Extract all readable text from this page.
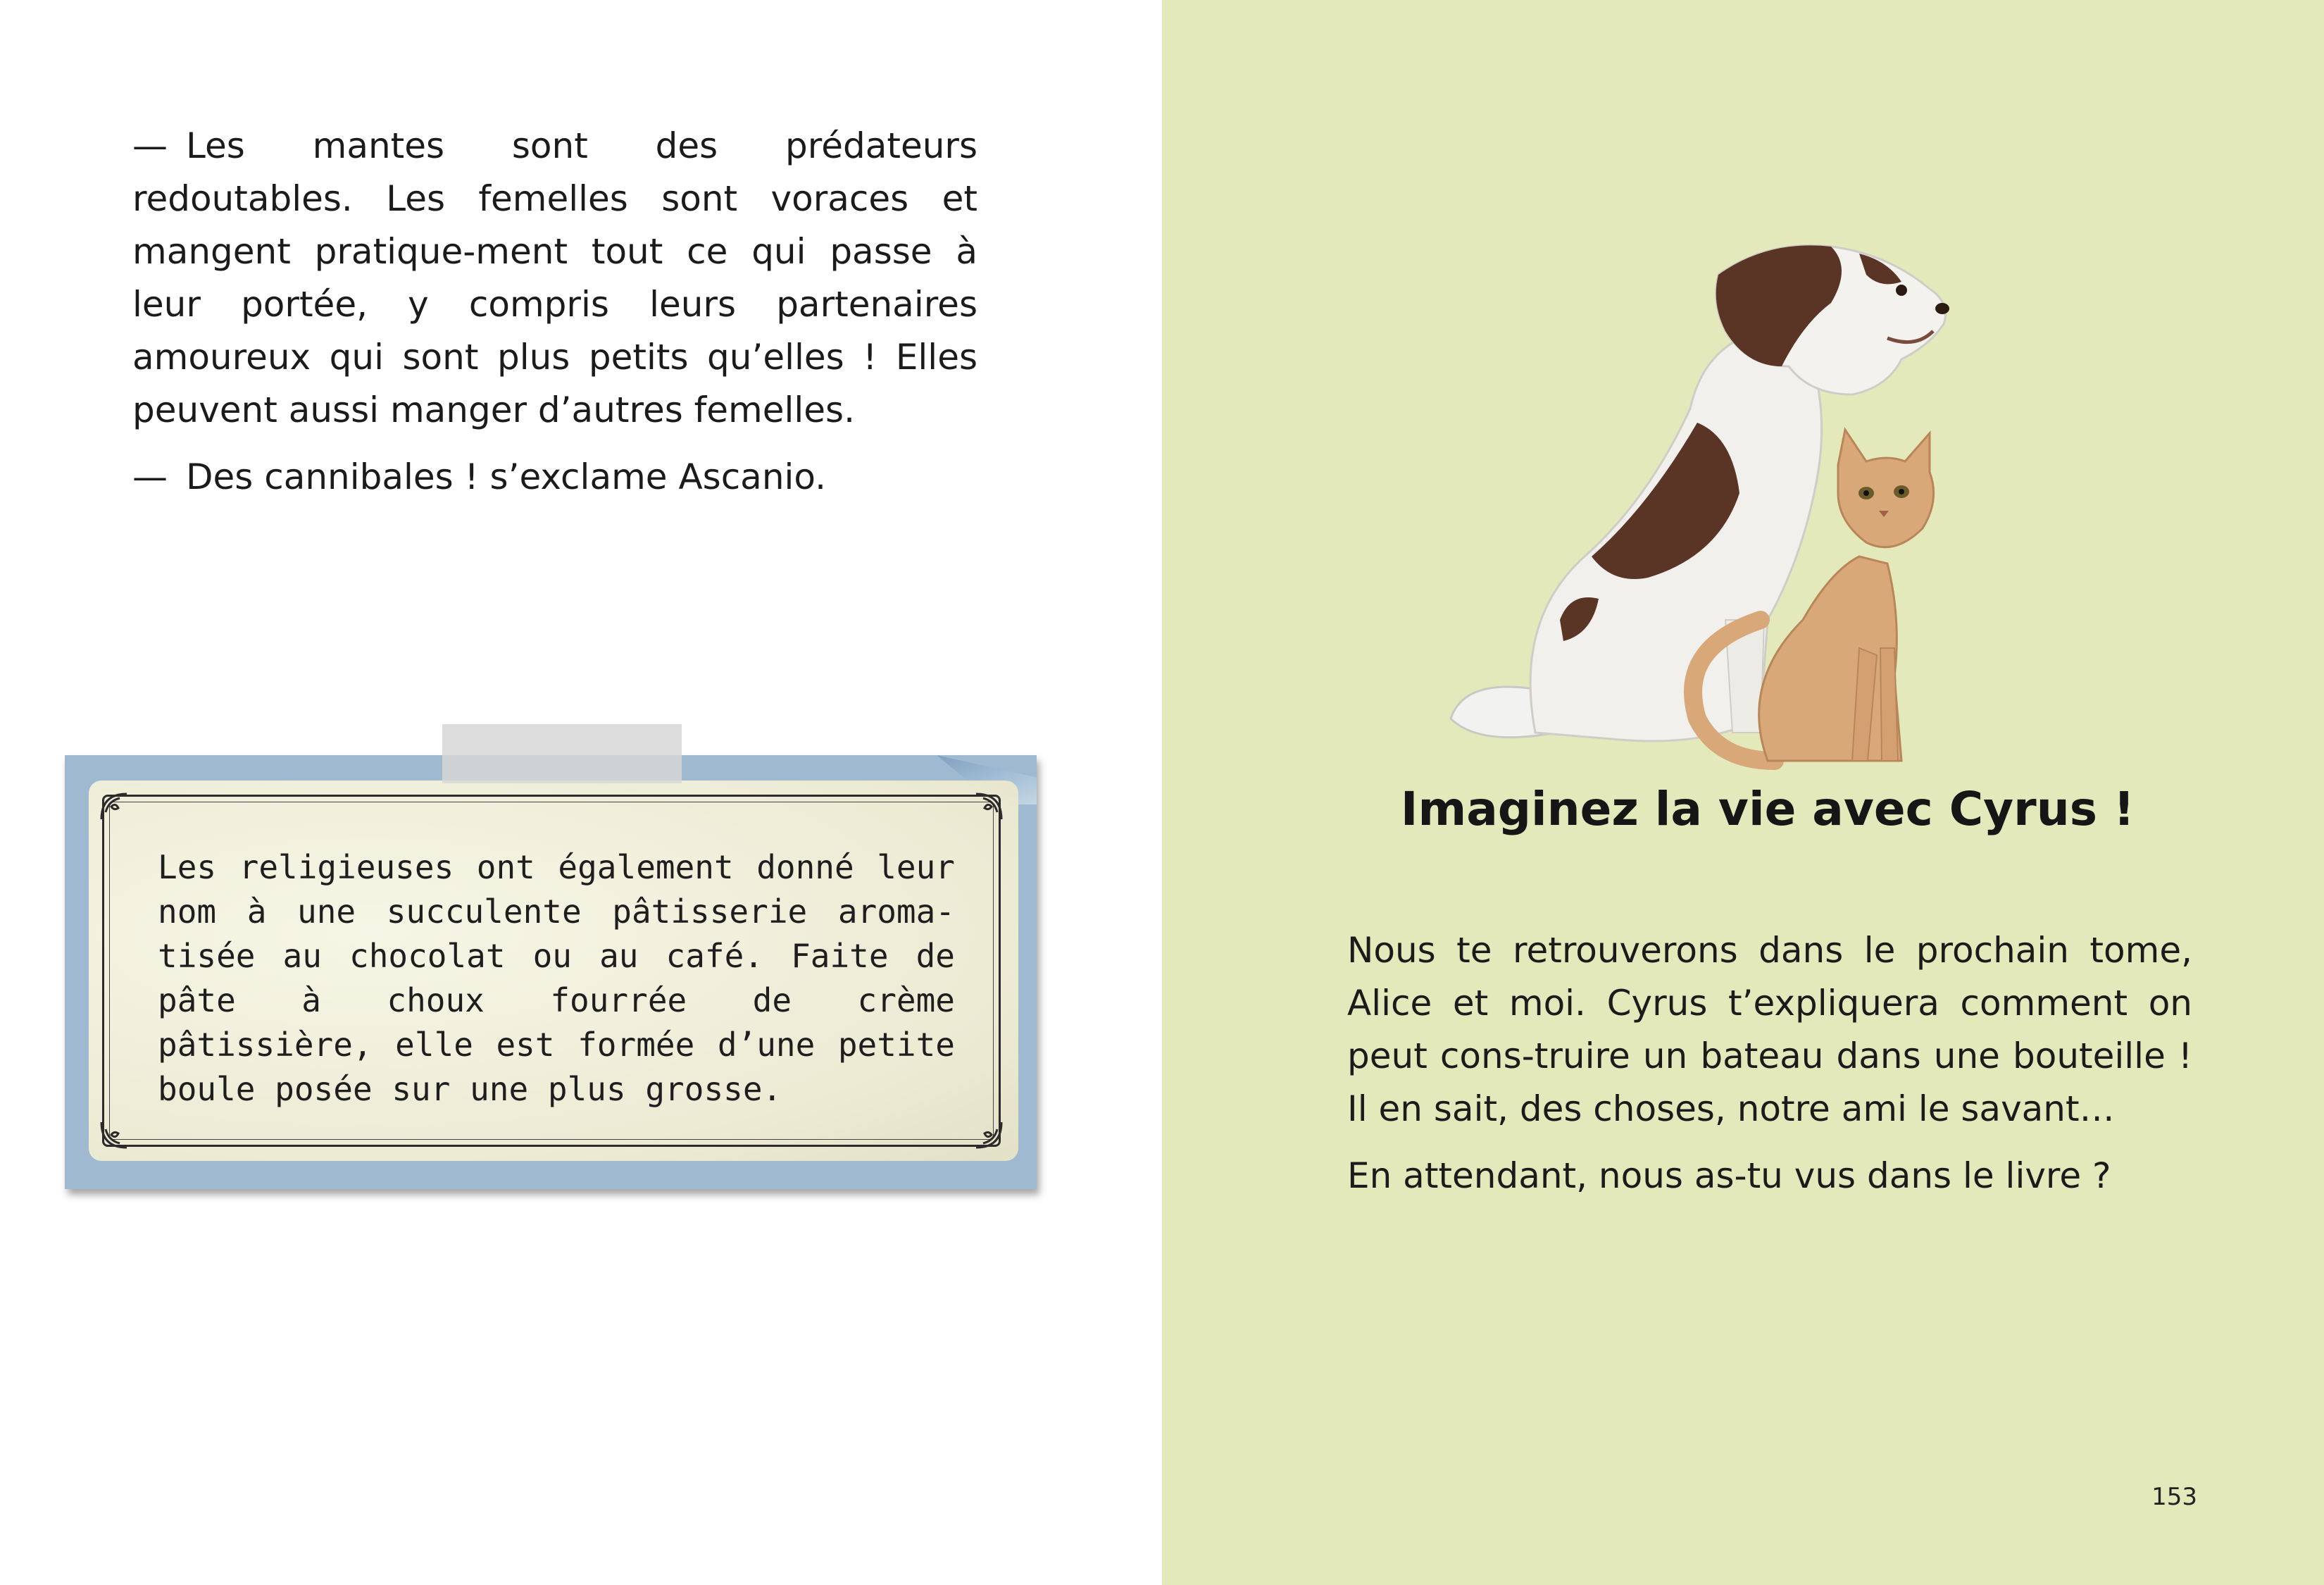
— Les mantes sont des prédateurs redoutables. Les femelles sont voraces et mangent pratique-ment tout ce qui passe à leur portée, y compris leurs partenaires amoureux qui sont plus petits qu’elles ! Elles peuvent aussi manger d’autres femelles.

— Des cannibales ! s’exclame Ascanio.

Les religieuses ont également donné leur nom à une succulente pâtisserie aroma-tisée au chocolat ou au café. Faite de pâte à choux fourrée de crème pâtissière, elle est formée d’une petite boule posée sur une plus grosse.
Imaginez la vie avec Cyrus !

Nous te retrouverons dans le prochain tome, Alice et moi. Cyrus t’expliquera comment on peut cons-truire un bateau dans une bouteille ! Il en sait, des choses, notre ami le savant…

En attendant, nous as-tu vus dans le livre ?

153
